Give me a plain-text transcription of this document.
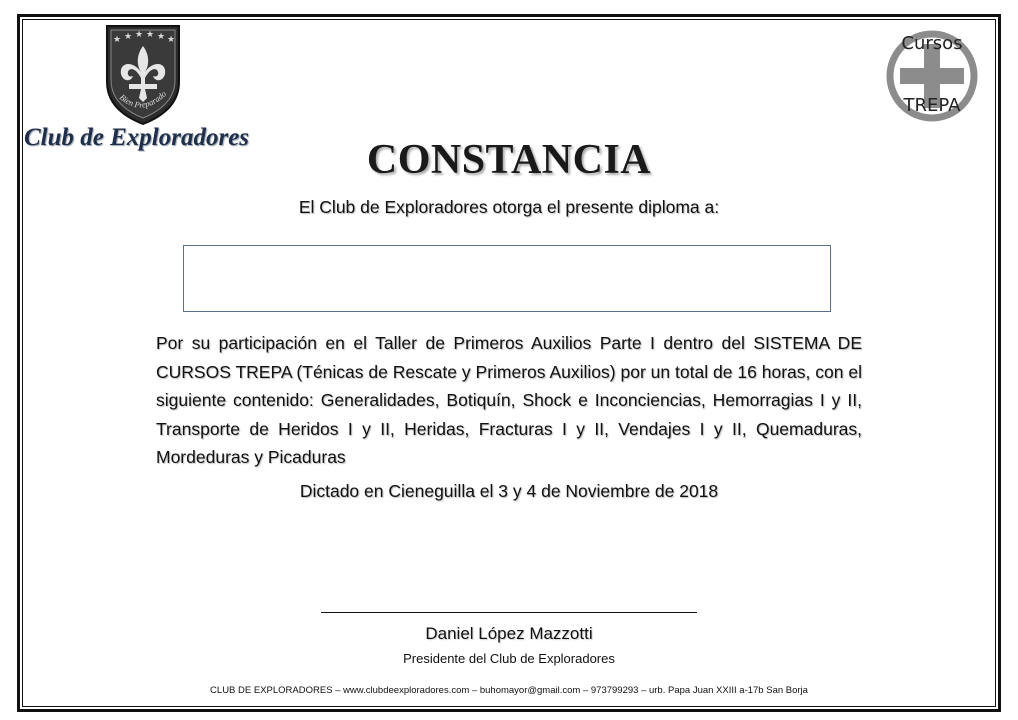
★ ★ ★ ★ ★ ★
Bien Preparado
Club de Exploradores
Cursos
TREPA
CONSTANCIA
El Club de Exploradores otorga el presente diploma a:
Por su participación en el Taller de Primeros Auxilios Parte I dentro del SISTEMA DE CURSOS TREPA (Ténicas de Rescate y Primeros Auxilios) por un total de 16 horas, con el siguiente contenido: Generalidades, Botiquín, Shock e Inconciencias, Hemorragias I y II, Transporte de Heridos I y II, Heridas, Fracturas I y II, Vendajes I y II, Quemaduras, Mordeduras y Picaduras
Dictado en Cieneguilla el 3 y 4 de Noviembre de 2018
Daniel López Mazzotti
Presidente del Club de Exploradores
CLUB DE EXPLORADORES – www.clubdeexploradores.com – buhomayor@gmail.com – 973799293 – urb. Papa Juan XXIII a-17b San Borja
